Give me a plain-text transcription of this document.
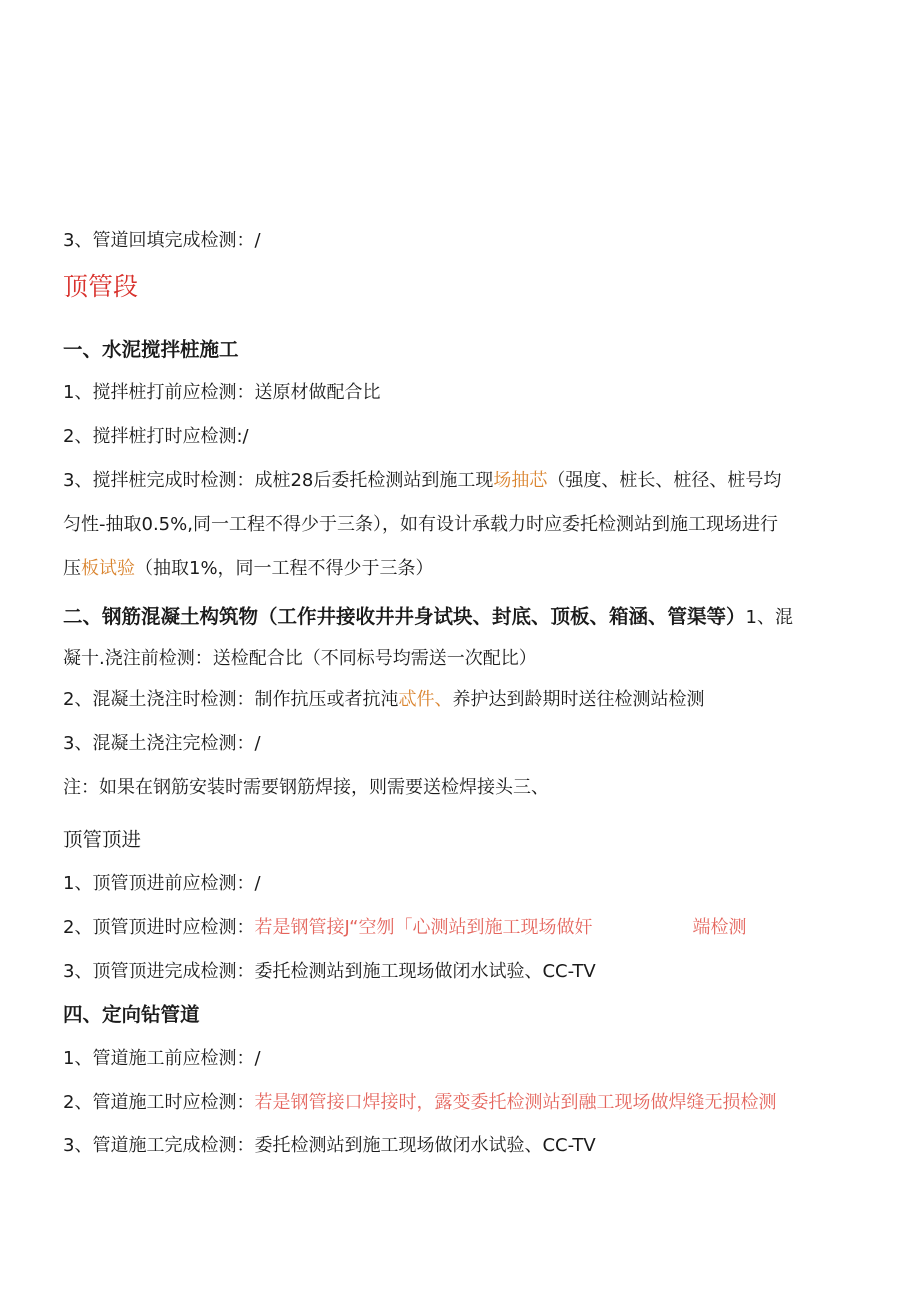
3、管道回填完成检测：/
顶管段
一、水泥搅拌桩施工
1、搅拌桩打前应检测：送原材做配合比
2、搅拌桩打时应检测:/
3、搅拌桩完成时检测：成桩28后委托检测站到施工现场抽芯（强度、桩长、桩径、桩号均
匀性-抽取0.5%,同一工程不得少于三条），如有设计承载力时应委托检测站到施工现场进行
压板试验（抽取1%，同一工程不得少于三条）
二、钢筋混凝土构筑物（工作井接收井井身试块、封底、顶板、箱涵、管渠等）1、混
凝十.浇注前检测：送检配合比（不同标号均需送一次配比）
2、混凝土浇注时检测：制作抗压或者抗沌忒件、养护达到龄期时送往检测站检测
3、混凝土浇注完检测：/
注：如果在钢筋安装时需要钢筋焊接，则需要送检焊接头三、
顶管顶进
1、顶管顶进前应检测：/
2、顶管顶进时应检测：若是钢管接J“空刎「心测站到施工现场做奸	端检测
3、顶管顶进完成检测：委托检测站到施工现场做闭水试验、CC-TV
四、定向钻管道
1、管道施工前应检测：/
2、管道施工时应检测：若是钢管接口焊接时，露变委托检测站到融工现场做焊缝无损检测
3、管道施工完成检测：委托检测站到施工现场做闭水试验、CC-TV
